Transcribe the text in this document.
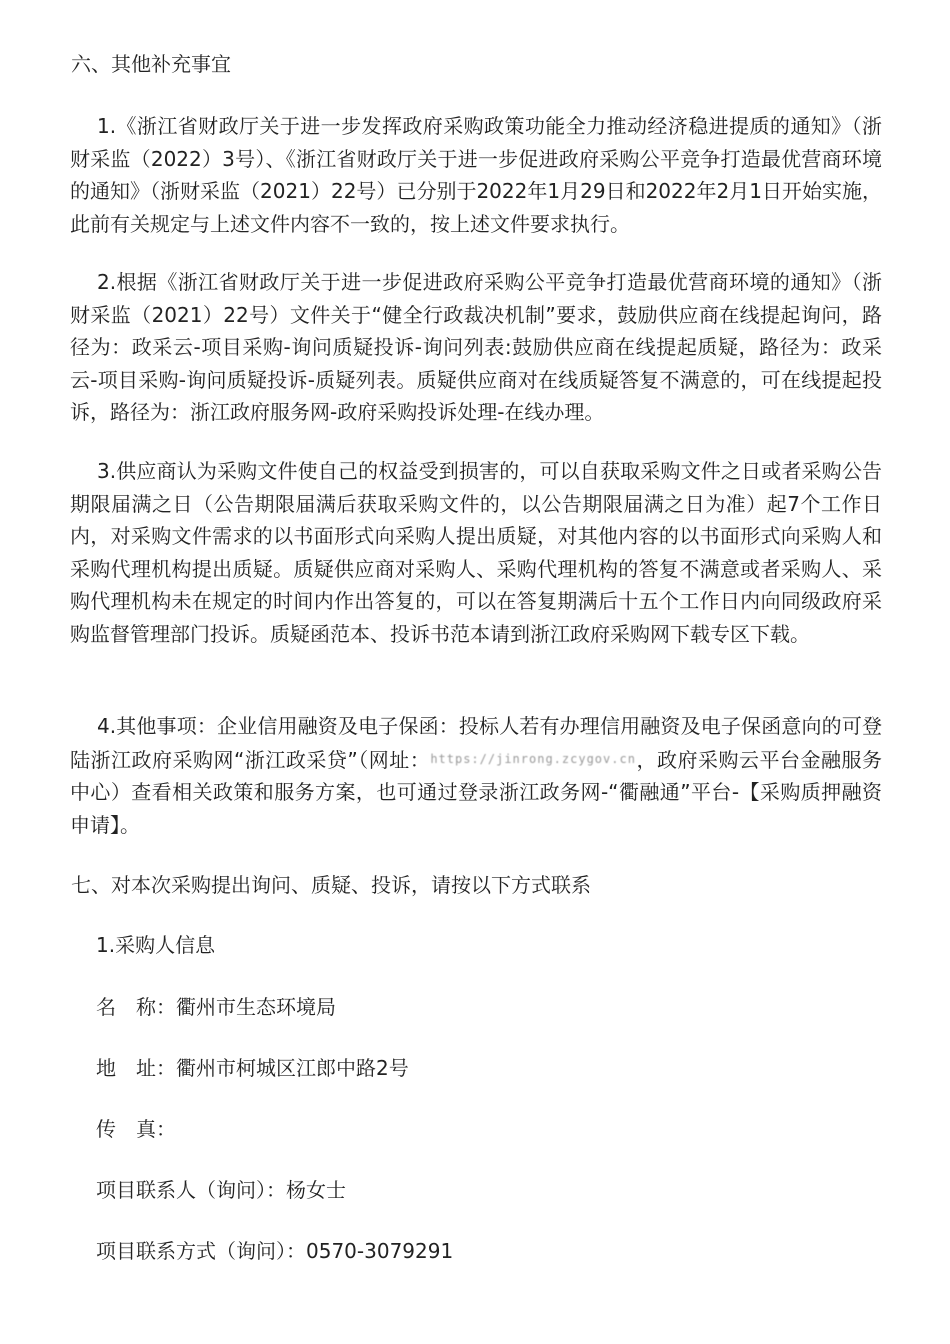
六、其他补充事宜
1.《浙江省财政厅关于进一步发挥政府采购政策功能全力推动经济稳进提质的通知》（浙财采监（2022）3号）、《浙江省财政厅关于进一步促进政府采购公平竞争打造最优营商环境的通知》（浙财采监（2021）22号）已分别于2022年1月29日和2022年2月1日开始实施，此前有关规定与上述文件内容不一致的，按上述文件要求执行。
2.根据《浙江省财政厅关于进一步促进政府采购公平竞争打造最优营商环境的通知》（浙财采监（2021）22号）文件关于“健全行政裁决机制”要求，鼓励供应商在线提起询问，路径为：政采云-项目采购-询问质疑投诉-询问列表:鼓励供应商在线提起质疑，路径为：政采云-项目采购-询问质疑投诉-质疑列表。质疑供应商对在线质疑答复不满意的，可在线提起投诉，路径为：浙江政府服务网-政府采购投诉处理-在线办理。
3.供应商认为采购文件使自己的权益受到损害的，可以自获取采购文件之日或者采购公告期限届满之日（公告期限届满后获取采购文件的，以公告期限届满之日为准）起7个工作日内，对采购文件需求的以书面形式向采购人提出质疑，对其他内容的以书面形式向采购人和采购代理机构提出质疑。质疑供应商对采购人、采购代理机构的答复不满意或者采购人、采购代理机构未在规定的时间内作出答复的，可以在答复期满后十五个工作日内向同级政府采购监督管理部门投诉。质疑函范本、投诉书范本请到浙江政府采购网下载专区下载。
4.其他事项：企业信用融资及电子保函：投标人若有办理信用融资及电子保函意向的可登陆浙江政府采购网“浙江政采贷”（网址：$^{https://jinrong.zcygov.cn}$，政府采购云平台金融服务中心）查看相关政策和服务方案，也可通过登录浙江政务网-“衢融通”平台-【采购质押融资申请】。
七、对本次采购提出询问、质疑、投诉，请按以下方式联系
1.采购人信息
名　称：衢州市生态环境局
地　址：衢州市柯城区江郎中路2号
传　真：
项目联系人（询问）：杨女士
项目联系方式（询问）：0570-3079291
